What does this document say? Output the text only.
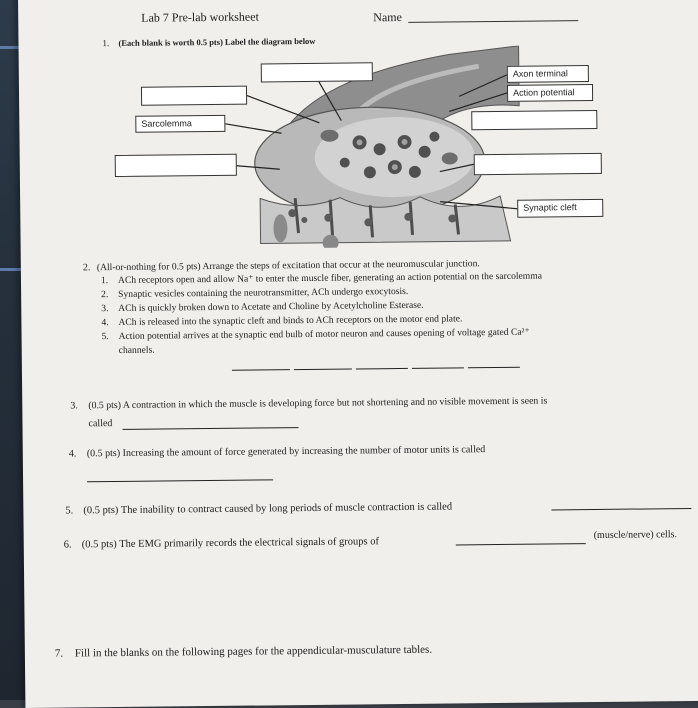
Lab 7 Pre-lab worksheet	Name
1. (Each blank is worth 0.5 pts) Label the diagram below
Axon terminal
Action potential
Sarcolemma
Synaptic cleft
2. (All-or-nothing for 0.5 pts) Arrange the steps of excitation that occur at the neuromuscular junction.
1. ACh receptors open and allow Na⁺ to enter the muscle fiber, generating an action potential on the sarcolemma
2. Synaptic vesicles containing the neurotransmitter, ACh undergo exocytosis.
3. ACh is quickly broken down to Acetate and Choline by Acetylcholine Esterase.
4. ACh is released into the synaptic cleft and binds to ACh receptors on the motor end plate.
5. Action potential arrives at the synaptic end bulb of motor neuron and causes opening of voltage gated Ca²⁺
channels.
3. (0.5 pts) A contraction in which the muscle is developing force but not shortening and no visible movement is seen is
called
4. (0.5 pts) Increasing the amount of force generated by increasing the number of motor units is called
5. (0.5 pts) The inability to contract caused by long periods of muscle contraction is called
6. (0.5 pts) The EMG primarily records the electrical signals of groups of
(muscle/nerve) cells.
7. Fill in the blanks on the following pages for the appendicular-musculature tables.
